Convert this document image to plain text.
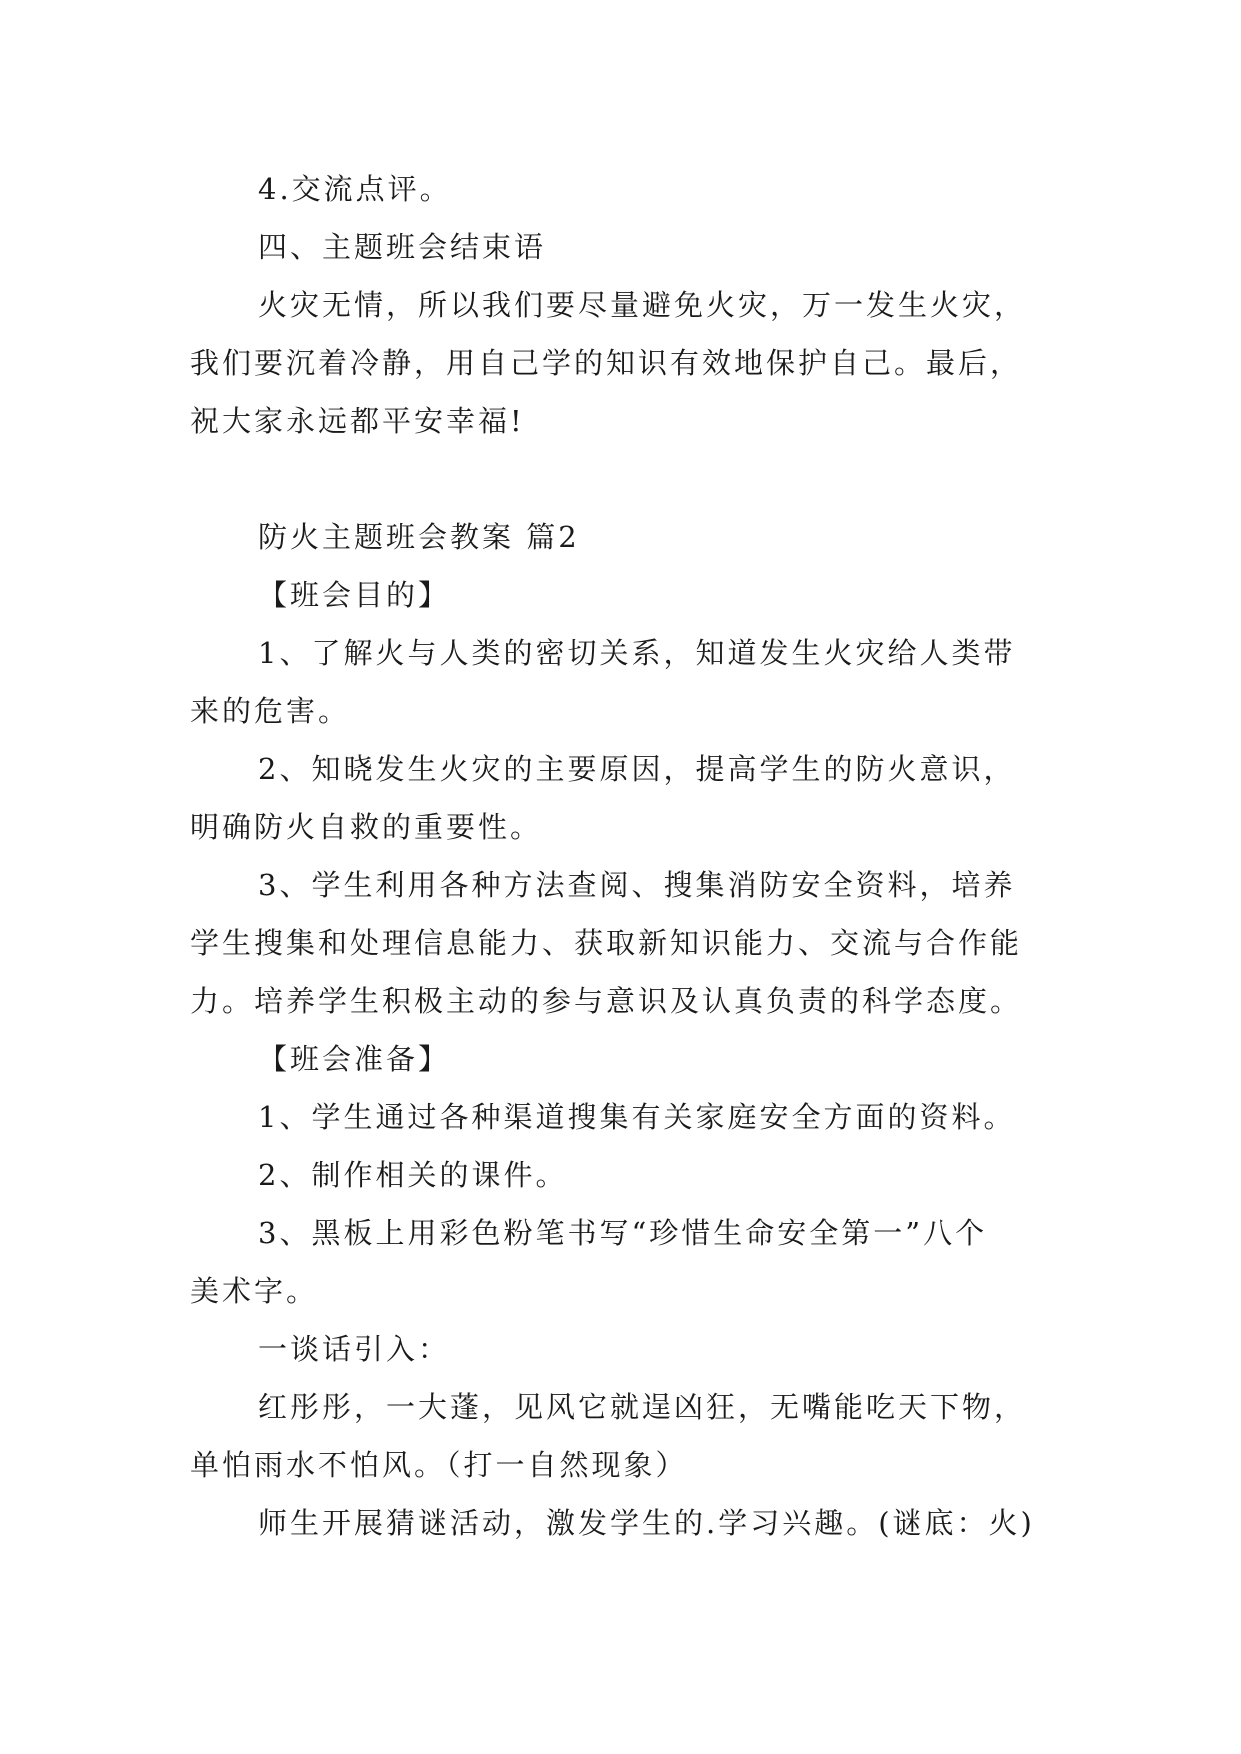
4.交流点评。

四、主题班会结束语

火灾无情，所以我们要尽量避免火灾，万一发生火灾，

我们要沉着冷静，用自己学的知识有效地保护自己。最后，

祝大家永远都平安幸福!

防火主题班会教案 篇2

【班会目的】

1、了解火与人类的密切关系，知道发生火灾给人类带

来的危害。

2、知晓发生火灾的主要原因，提高学生的防火意识，

明确防火自救的重要性。

3、学生利用各种方法查阅、搜集消防安全资料，培养

学生搜集和处理信息能力、获取新知识能力、交流与合作能

力。培养学生积极主动的参与意识及认真负责的科学态度。

【班会准备】

1、学生通过各种渠道搜集有关家庭安全方面的资料。

2、制作相关的课件。

3、黑板上用彩色粉笔书写“珍惜生命安全第一”八个

美术字。

一谈话引入：

红彤彤，一大蓬，见风它就逞凶狂，无嘴能吃天下物，

单怕雨水不怕风。（打一自然现象）

师生开展猜谜活动，激发学生的.学习兴趣。(谜底：火)
